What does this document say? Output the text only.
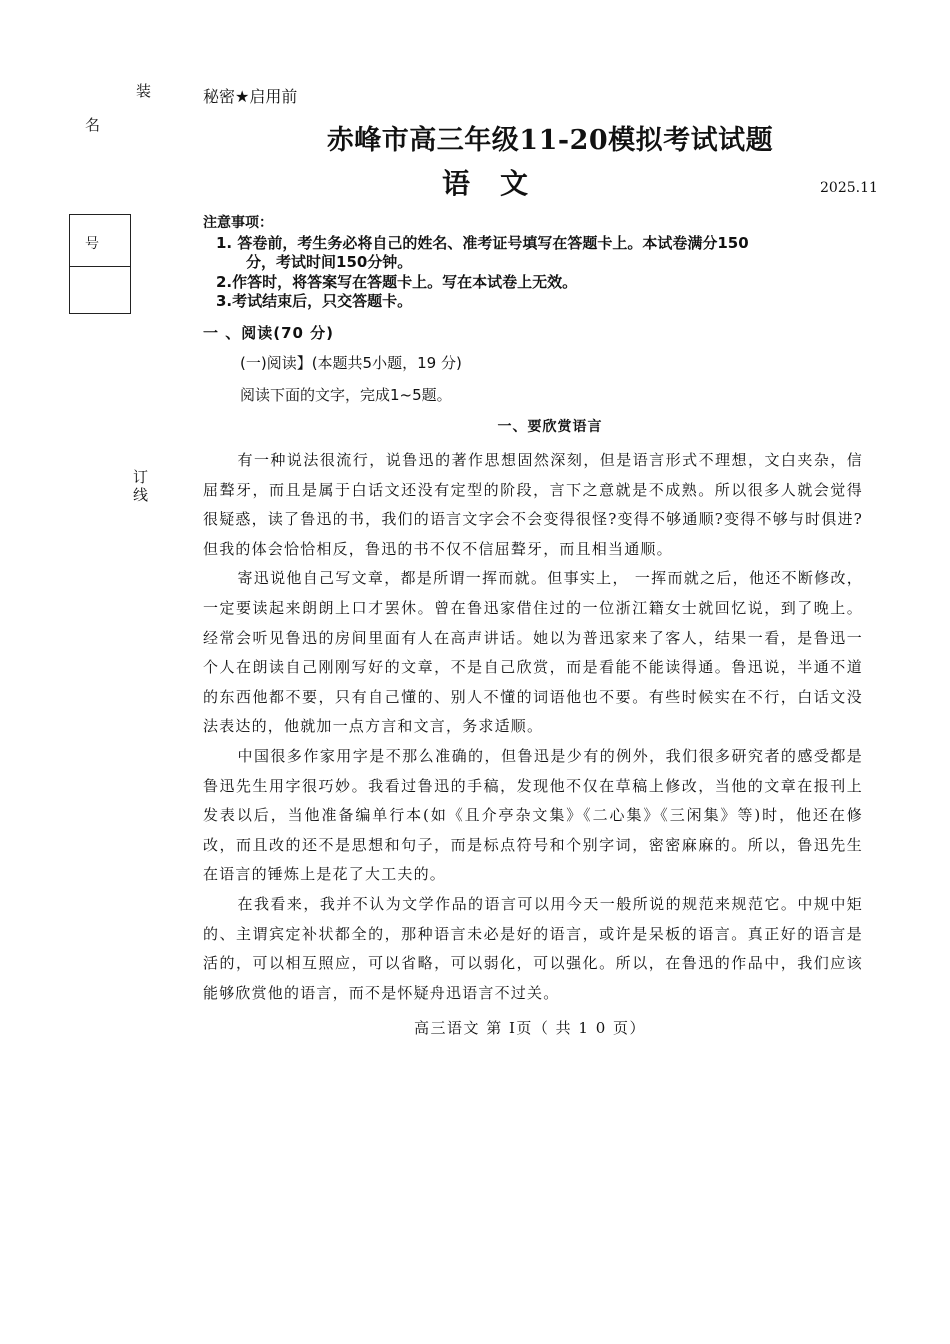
装
名
号
订
线
秘密★启用前
赤峰市高三年级11-20模拟考试试题
语文	2025.11
注意事项：
1. 答卷前，考生务必将自己的姓名、准考证号填写在答题卡上。本试卷满分150
分，考试时间150分钟。
2.作答时，将答案写在答题卡上。写在本试卷上无效。
3.考试结束后，只交答题卡。
一 、阅读(70 分)
(一)阅读】(本题共5小题，19 分)
阅读下面的文字，完成1~5题。
一、要欣赏语言

有一种说法很流行，说鲁迅的著作思想固然深刻，但是语言形式不理想，文白夹杂，信屈聱牙，而且是属于白话文还没有定型的阶段，言下之意就是不成熟。所以很多人就会觉得很疑惑，读了鲁迅的书，我们的语言文字会不会变得很怪?变得不够通顺?变得不够与时俱进?但我的体会恰恰相反，鲁迅的书不仅不信屈聱牙，而且相当通顺。

寄迅说他自己写文章，都是所谓一挥而就。但事实上， 一挥而就之后，他还不断修改，一定要读起来朗朗上口才罢休。曾在鲁迅家借住过的一位浙江籍女士就回忆说，到了晚上。经常会听见鲁迅的房间里面有人在高声讲话。她以为普迅家来了客人，结果一看，是鲁迅一个人在朗读自己刚刚写好的文章，不是自己欣赏，而是看能不能读得通。鲁迅说，半通不道的东西他都不要，只有自己懂的、别人不懂的词语他也不要。有些时候实在不行，白话文没法表达的，他就加一点方言和文言，务求适顺。

中国很多作家用字是不那么准确的，但鲁迅是少有的例外，我们很多研究者的感受都是鲁迅先生用字很巧妙。我看过鲁迅的手稿，发现他不仅在草稿上修改，当他的文章在报刊上发表以后，当他准备编单行本(如《且介亭杂文集》《二心集》《三闲集》等)时，他还在修改，而且改的还不是思想和句子，而是标点符号和个别字词，密密麻麻的。所以，鲁迅先生在语言的锤炼上是花了大工夫的。

在我看来，我并不认为文学作品的语言可以用今天一般所说的规范来规范它。中规中矩的、主谓宾定补状都全的，那种语言未必是好的语言，或许是呆板的语言。真正好的语言是活的，可以相互照应，可以省略，可以弱化，可以强化。所以，在鲁迅的作品中，我们应该能够欣赏他的语言，而不是怀疑舟迅语言不过关。

高三语文 第 I页（ 共 1 0 页）
